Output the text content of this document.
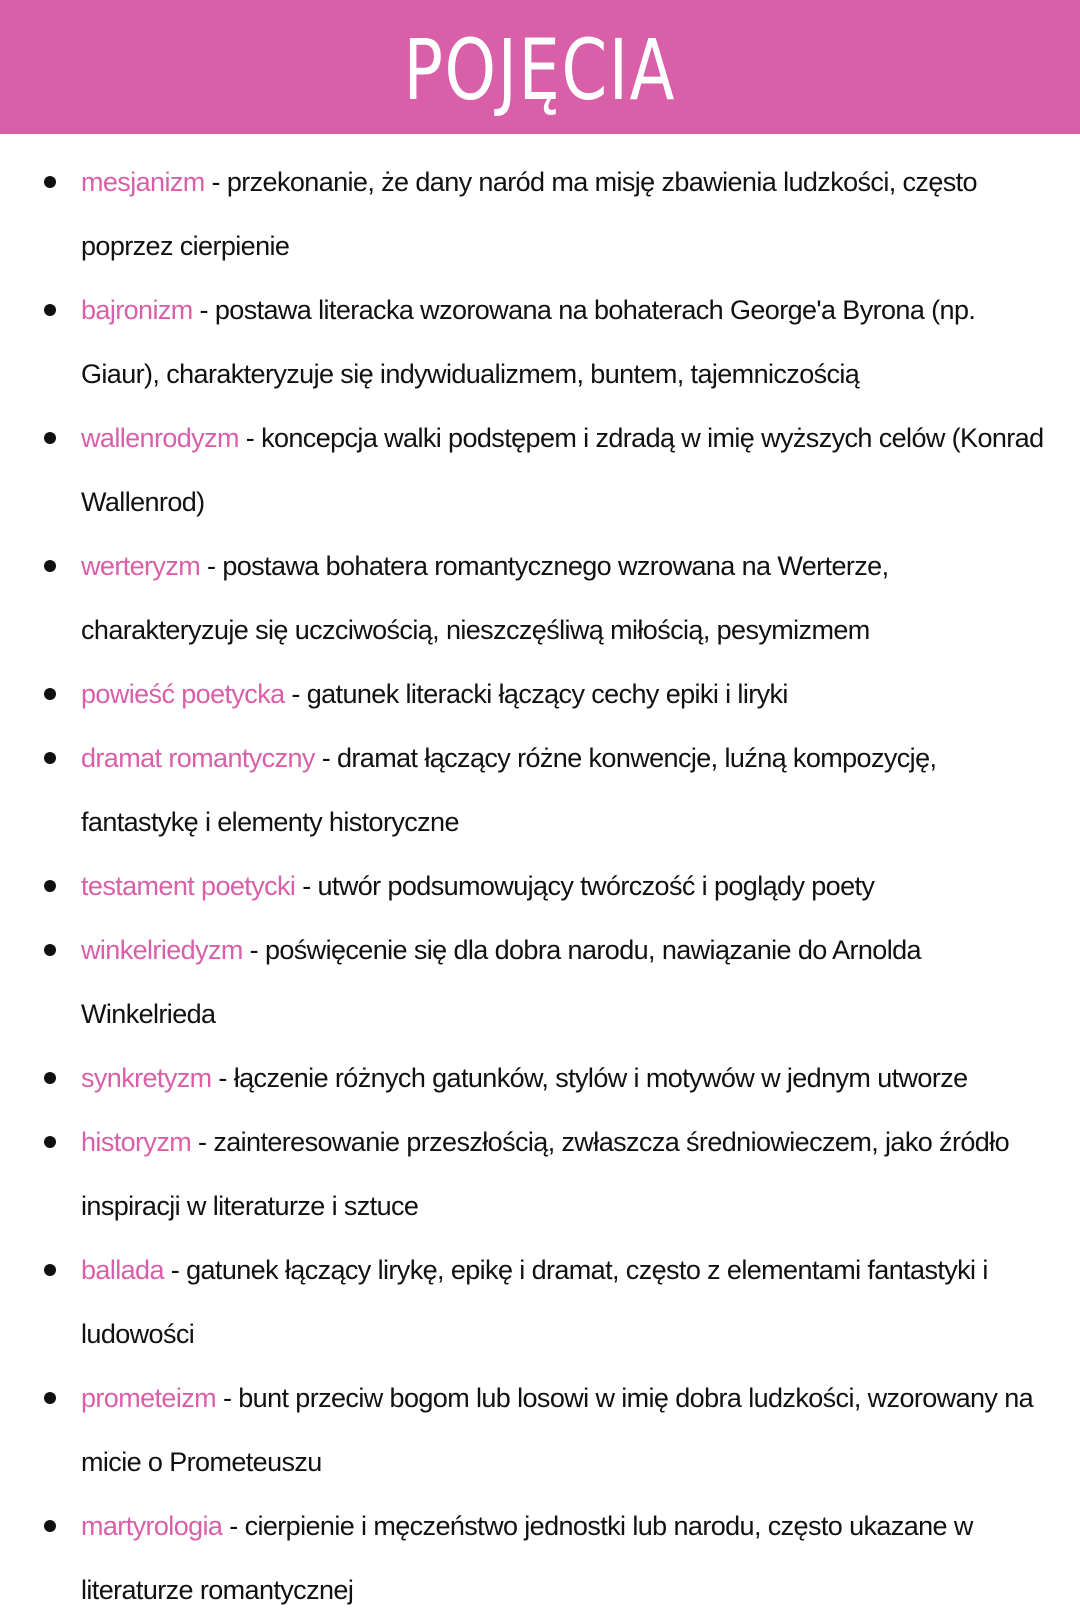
POJĘCIA
mesjanizm - przekonanie, że dany naród ma misję zbawienia ludzkości, często poprzez cierpienie
bajronizm - postawa literacka wzorowana na bohaterach George'a Byrona (np. Giaur), charakteryzuje się indywidualizmem, buntem, tajemniczością
wallenrodyzm - koncepcja walki podstępem i zdradą w imię wyższych celów (Konrad Wallenrod)
werteryzm - postawa bohatera romantycznego wzrowana na Werterze, charakteryzuje się uczciwością, nieszczęśliwą miłością, pesymizmem
powieść poetycka - gatunek literacki łączący cechy epiki i liryki
dramat romantyczny - dramat łączący różne konwencje, luźną kompozycję, fantastykę i elementy historyczne
testament poetycki - utwór podsumowujący twórczość i poglądy poety
winkelriedyzm - poświęcenie się dla dobra narodu, nawiązanie do Arnolda Winkelrieda
synkretyzm - łączenie różnych gatunków, stylów i motywów w jednym utworze
historyzm - zainteresowanie przeszłością, zwłaszcza średniowieczem, jako źródło inspiracji w literaturze i sztuce
ballada - gatunek łączący lirykę, epikę i dramat, często z elementami fantastyki i ludowości
prometeizm - bunt przeciw bogom lub losowi w imię dobra ludzkości, wzorowany na micie o Prometeuszu
martyrologia - cierpienie i męczeństwo jednostki lub narodu, często ukazane w literaturze romantycznej
